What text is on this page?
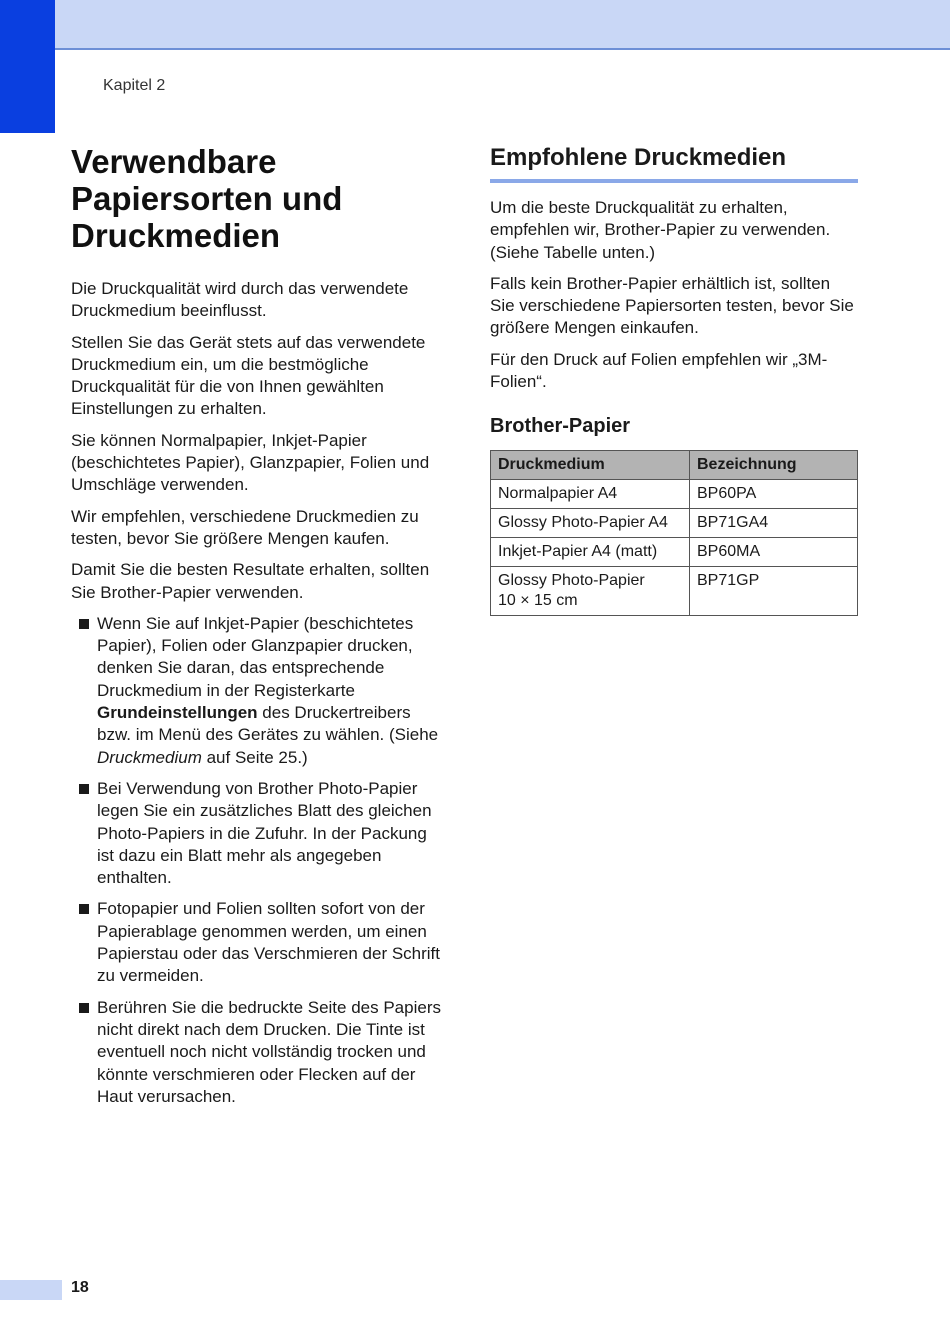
Kapitel 2
Verwendbare
Papiersorten und
Druckmedien

Die Druckqualität wird durch das verwendete Druckmedium beeinflusst.

Stellen Sie das Gerät stets auf das verwendete Druckmedium ein, um die bestmögliche Druckqualität für die von Ihnen gewählten Einstellungen zu erhalten.

Sie können Normalpapier, Inkjet-Papier (beschichtetes Papier), Glanzpapier, Folien und Umschläge verwenden.

Wir empfehlen, verschiedene Druckmedien zu testen, bevor Sie größere Mengen kaufen.

Damit Sie die besten Resultate erhalten, sollten Sie Brother-Papier verwenden.

Wenn Sie auf Inkjet-Papier (beschichtetes Papier), Folien oder Glanzpapier drucken, denken Sie daran, das entsprechende Druckmedium in der Registerkarte Grundeinstellungen des Druckertreibers bzw. im Menü des Gerätes zu wählen. (Siehe Druckmedium auf Seite 25.)
Bei Verwendung von Brother Photo-Papier legen Sie ein zusätzliches Blatt des gleichen Photo-Papiers in die Zufuhr. In der Packung ist dazu ein Blatt mehr als angegeben enthalten.
Fotopapier und Folien sollten sofort von der Papierablage genommen werden, um einen Papierstau oder das Verschmieren der Schrift zu vermeiden.
Berühren Sie die bedruckte Seite des Papiers nicht direkt nach dem Drucken. Die Tinte ist eventuell noch nicht vollständig trocken und könnte verschmieren oder Flecken auf der Haut verursachen.
Empfohlene Druckmedien

Um die beste Druckqualität zu erhalten, empfehlen wir, Brother-Papier zu verwenden. (Siehe Tabelle unten.)

Falls kein Brother-Papier erhältlich ist, sollten Sie verschiedene Papiersorten testen, bevor Sie größere Mengen einkaufen.

Für den Druck auf Folien empfehlen wir „3M-Folien“.

Brother-Papier
Druckmedium	Bezeichnung
Normalpapier A4	BP60PA
Glossy Photo-Papier A4	BP71GA4
Inkjet-Papier A4 (matt)	BP60MA
Glossy Photo-Papier
10 × 15 cm	BP71GP
18
